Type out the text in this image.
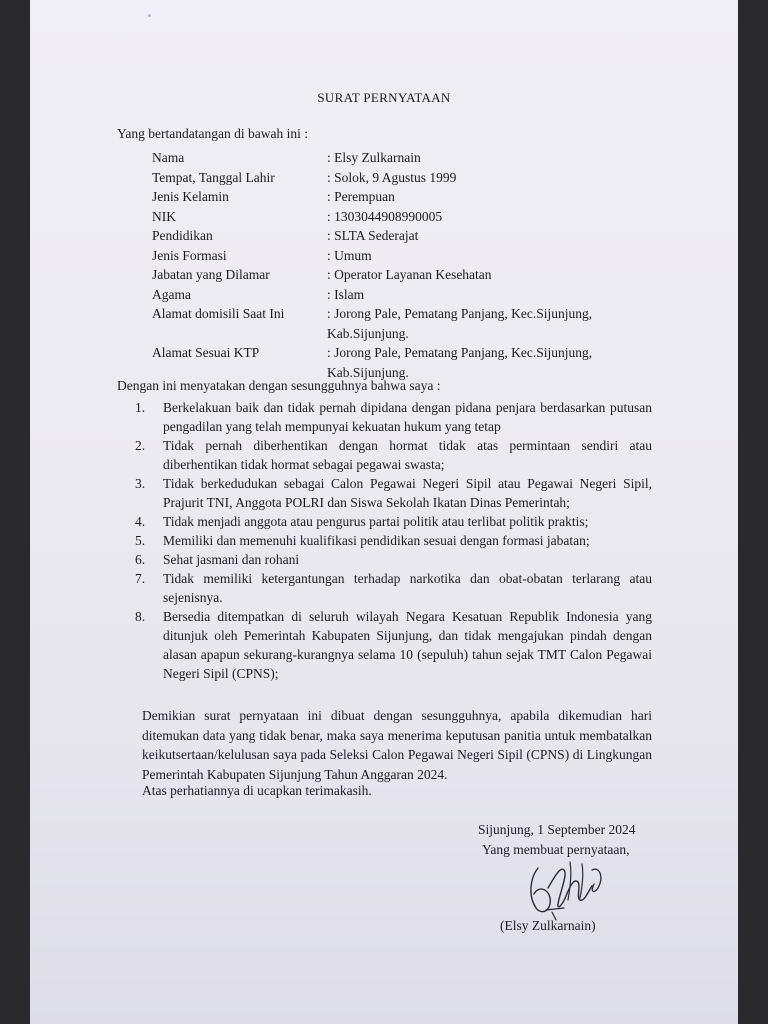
SURAT PERNYATAAN

Yang bertandatangan di bawah ini :

Nama	: Elsy Zulkarnain
Tempat, Tanggal Lahir	: Solok, 9 Agustus 1999
Jenis Kelamin	: Perempuan
NIK	: 1303044908990005
Pendidikan	: SLTA Sederajat
Jenis Formasi	: Umum
Jabatan yang Dilamar	: Operator Layanan Kesehatan
Agama	: Islam
Alamat domisili Saat Ini	: Jorong Pale, Pematang Panjang, Kec.Sijunjung,
Kab.Sijunjung.
Alamat Sesuai KTP	: Jorong Pale, Pematang Panjang, Kec.Sijunjung,
Kab.Sijunjung.

Dengan ini menyatakan dengan sesungguhnya bahwa saya :

1.	Berkelakuan baik dan tidak pernah dipidana dengan pidana penjara berdasarkan putusan pengadilan yang telah mempunyai kekuatan hukum yang tetap
2.	Tidak pernah diberhentikan dengan hormat tidak atas permintaan sendiri atau diberhentikan tidak hormat sebagai pegawai swasta;
3.	Tidak berkedudukan sebagai Calon Pegawai Negeri Sipil atau Pegawai Negeri Sipil, Prajurit TNI, Anggota POLRI dan Siswa Sekolah Ikatan Dinas Pemerintah;
4.	Tidak menjadi anggota atau pengurus partai politik atau terlibat politik praktis;
5.	Memiliki dan memenuhi kualifikasi pendidikan sesuai dengan formasi jabatan;
6.	Sehat jasmani dan rohani
7.	Tidak memiliki ketergantungan terhadap narkotika dan obat-obatan terlarang atau sejenisnya.
8.	Bersedia ditempatkan di seluruh wilayah Negara Kesatuan Republik Indonesia yang ditunjuk oleh Pemerintah Kabupaten Sijunjung, dan tidak mengajukan pindah dengan alasan apapun sekurang-kurangnya selama 10 (sepuluh) tahun sejak TMT Calon Pegawai Negeri Sipil (CPNS);

Demikian surat pernyataan ini dibuat dengan sesungguhnya, apabila dikemudian hari ditemukan data yang tidak benar, maka saya menerima keputusan panitia untuk membatalkan keikutsertaan/kelulusan saya pada Seleksi Calon Pegawai Negeri Sipil (CPNS) di Lingkungan Pemerintah Kabupaten Sijunjung Tahun Anggaran 2024.

Atas perhatiannya di ucapkan terimakasih.

Sijunjung, 1 September 2024

Yang membuat pernyataan,

(Elsy Zulkarnain)
